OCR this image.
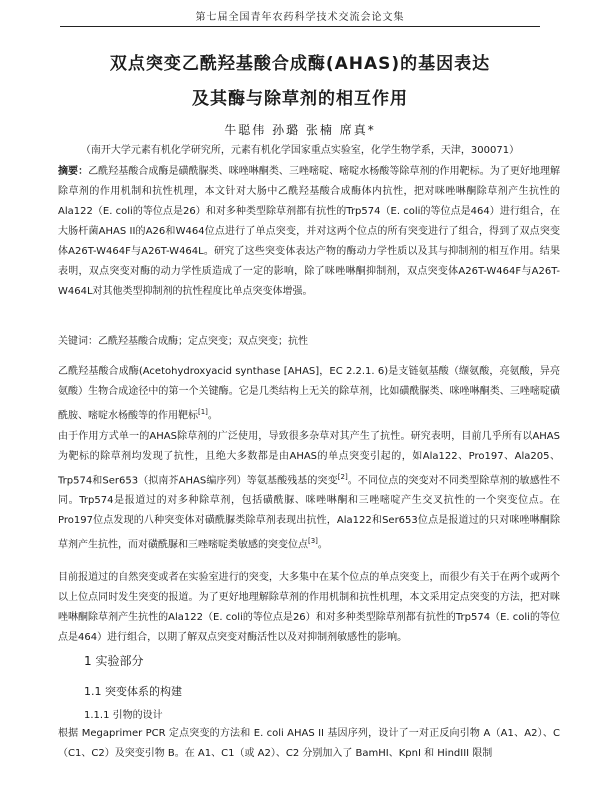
第七届全国青年农药科学技术交流会论文集
双点突变乙酰羟基酸合成酶(AHAS)的基因表达
及其酶与除草剂的相互作用
牛聪伟 孙璐 张楠 席真*
（南开大学元素有机化学研究所，元素有机化学国家重点实验室，化学生物学系，天津，300071）
摘要：乙酰羟基酸合成酶是磺酰脲类、咪唑啉酮类、三唑嘧啶、嘧啶水杨酸等除草剂的作用靶标。为了更好地理解除草剂的作用机制和抗性机理，本文针对大肠中乙酰羟基酸合成酶体内抗性，把对咪唑啉酮除草剂产生抗性的Ala122（E. coli的等位点是26）和对多种类型除草剂都有抗性的Trp574（E. coli的等位点是464）进行组合，在大肠杆菌AHAS II的A26和W464位点进行了单点突变，并对这两个位点的所有突变进行了组合，得到了双点突变体A26T-W464F与A26T-W464L。研究了这些突变体表达产物的酶动力学性质以及其与抑制剂的相互作用。结果表明，双点突变对酶的动力学性质造成了一定的影响，除了咪唑啉酮抑制剂，双点突变体A26T-W464F与A26T-W464L对其他类型抑制剂的抗性程度比单点突变体增强。
关键词：乙酰羟基酸合成酶；定点突变；双点突变；抗性
乙酰羟基酸合成酶(Acetohydroxyacid synthase [AHAS]，EC 2.2.1. 6)是支链氨基酸（缬氨酸，亮氨酸，异亮氨酸）生物合成途径中的第一个关键酶。它是几类结构上无关的除草剂，比如磺酰脲类、咪唑啉酮类、三唑嘧啶磺酰胺、嘧啶水杨酸等的作用靶标[1]。
由于作用方式单一的AHAS除草剂的广泛使用，导致很多杂草对其产生了抗性。研究表明，目前几乎所有以AHAS为靶标的除草剂均发现了抗性，且绝大多数都是由AHAS的单点突变引起的，如Ala122、Pro197、Ala205、Trp574和Ser653（拟南芥AHAS编序列）等氨基酸残基的突变[2]。不同位点的突变对不同类型除草剂的敏感性不同。Trp574是报道过的对多种除草剂，包括磺酰脲、咪唑啉酮和三唑嘧啶产生交叉抗性的一个突变位点。在Pro197位点发现的八种突变体对磺酰脲类除草剂表现出抗性，Ala122和Ser653位点是报道过的只对咪唑啉酮除草剂产生抗性，而对磺酰脲和三唑嘧啶类敏感的突变位点[3]。
目前报道过的自然突变或者在实验室进行的突变，大多集中在某个位点的单点突变上，而很少有关于在两个或两个以上位点同时发生突变的报道。为了更好地理解除草剂的作用机制和抗性机理，本文采用定点突变的方法，把对咪唑啉酮除草剂产生抗性的Ala122（E. coli的等位点是26）和对多种类型除草剂都有抗性的Trp574（E. coli的等位点是464）进行组合，以期了解双点突变对酶活性以及对抑制剂敏感性的影响。
1 实验部分
1.1 突变体系的构建
1.1.1 引物的设计
根据 Megaprimer PCR 定点突变的方法和 E. coli AHAS II 基因序列，设计了一对正反向引物 A（A1、A2）、C（C1、C2）及突变引物 B。在 A1、C1（或 A2）、C2 分别加入了 BamHI、KpnI 和 HindIII 限制
